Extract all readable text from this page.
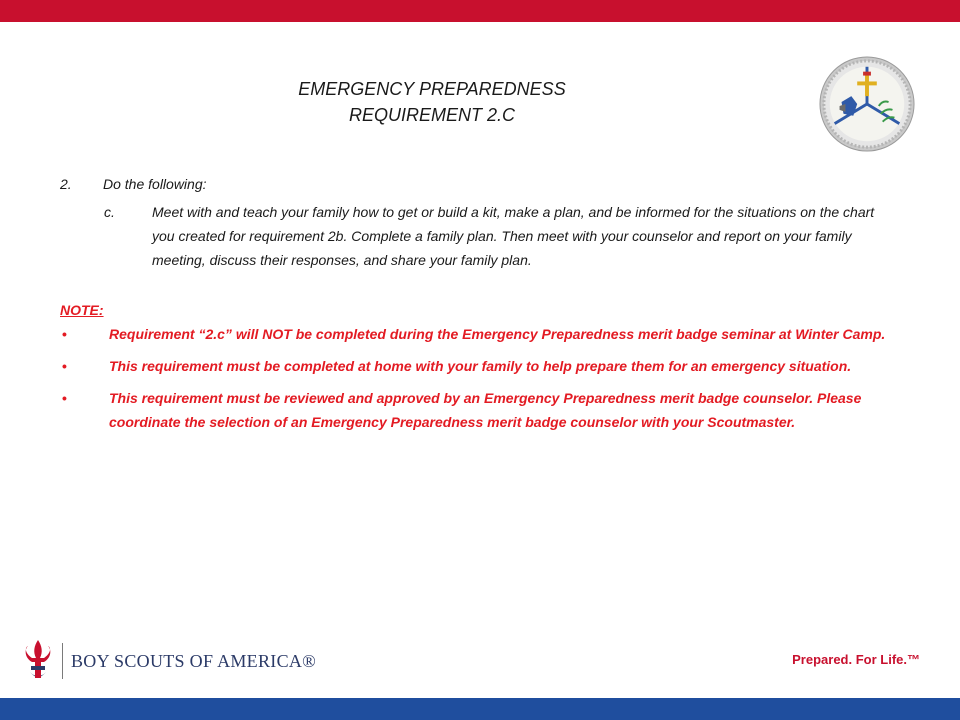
EMERGENCY PREPAREDNESS
REQUIREMENT 2.C
2.	Do the following:
c.	Meet with and teach your family how to get or build a kit, make a plan, and be informed for the situations on the chart you created for requirement 2b. Complete a family plan. Then meet with your counselor and report on your family meeting, discuss their responses, and share your family plan.
NOTE:
•	Requirement “2.c” will NOT be completed during the Emergency Preparedness merit badge seminar at Winter Camp.
•	This requirement must be completed at home with your family to help prepare them for an emergency situation.
•	This requirement must be reviewed and approved by an Emergency Preparedness merit badge counselor. Please coordinate the selection of an Emergency Preparedness merit badge counselor with your Scoutmaster.
BOY SCOUTS OF AMERICA®	Prepared. For Life.™
